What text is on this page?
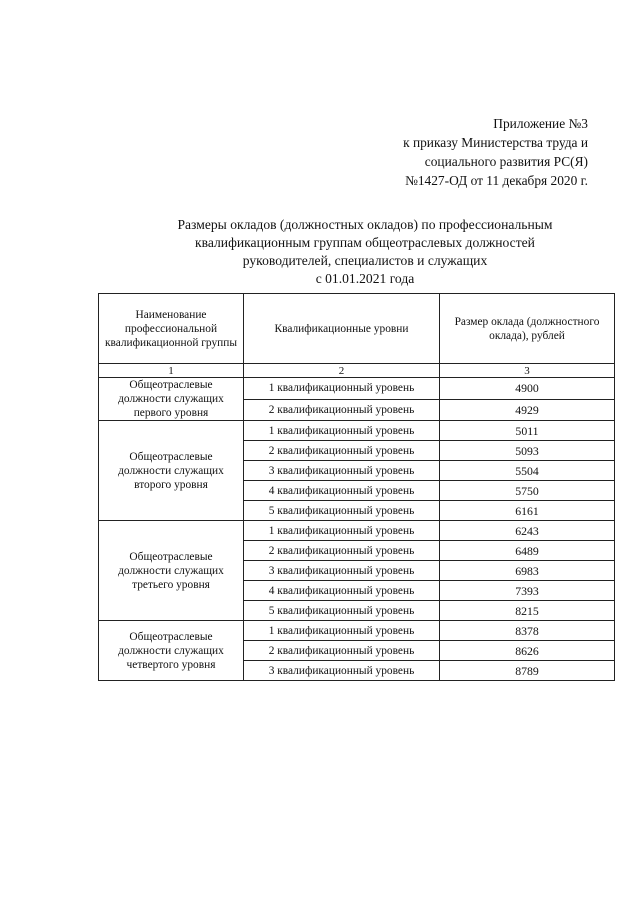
Приложение №3
к приказу Министерства труда и
социального развития РС(Я)
№1427-ОД от 11 декабря 2020 г.
Размеры окладов (должностных окладов) по профессиональным
квалификационным группам общеотраслевых должностей
руководителей, специалистов и служащих
с 01.01.2021 года
Наименование профессиональной квалификационной группы	Квалификационные уровни	Размер оклада (должностного оклада), рублей
1	2	3
Общеотраслевые должности служащих первого уровня	1 квалификационный уровень	4900
	2 квалификационный уровень	4929
Общеотраслевые должности служащих второго уровня	1 квалификационный уровень	5011
	2 квалификационный уровень	5093
	3 квалификационный уровень	5504
	4 квалификационный уровень	5750
	5 квалификационный уровень	6161
Общеотраслевые должности служащих третьего уровня	1 квалификационный уровень	6243
	2 квалификационный уровень	6489
	3 квалификационный уровень	6983
	4 квалификационный уровень	7393
	5 квалификационный уровень	8215
Общеотраслевые должности служащих четвертого уровня	1 квалификационный уровень	8378
	2 квалификационный уровень	8626
	3 квалификационный уровень	8789
